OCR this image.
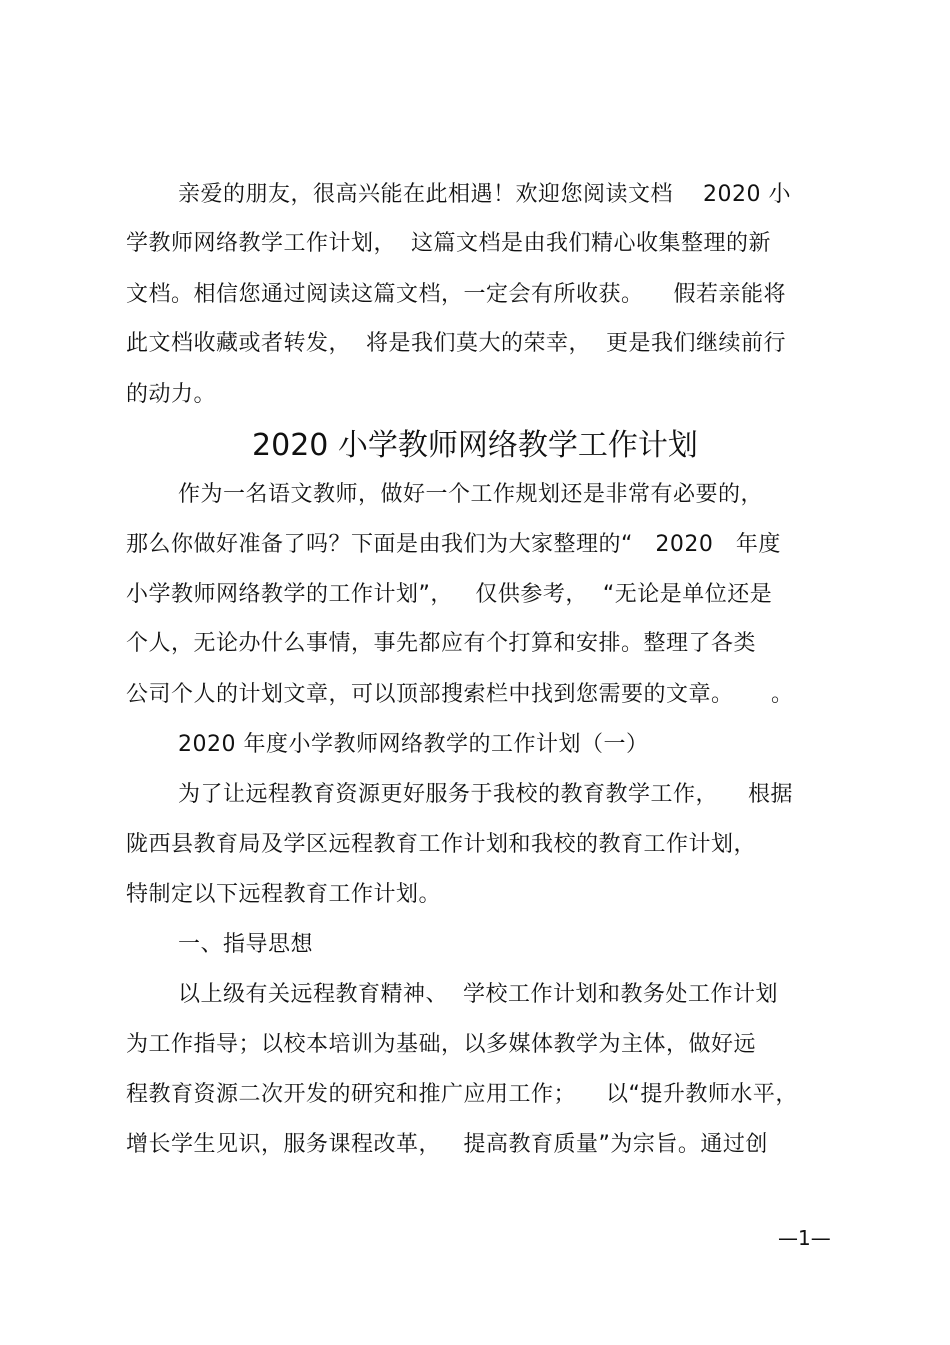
亲爱的朋友，很高兴能在此相遇！欢迎您阅读文档    2020 小
学教师网络教学工作计划，  这篇文档是由我们精心收集整理的新
文档。相信您通过阅读这篇文档，一定会有所收获。    假若亲能将
此文档收藏或者转发，  将是我们莫大的荣幸，  更是我们继续前行
的动力。
2020 小学教师网络教学工作计划
作为一名语文教师，做好一个工作规划还是非常有必要的，
那么你做好准备了吗？下面是由我们为大家整理的“   2020   年度
小学教师网络教学的工作计划”，   仅供参考，  “无论是单位还是
个人，无论办什么事情，事先都应有个打算和安排。整理了各类
公司个人的计划文章，可以顶部搜索栏中找到您需要的文章。     。
2020 年度小学教师网络教学的工作计划（一）
为了让远程教育资源更好服务于我校的教育教学工作，    根据
陇西县教育局及学区远程教育工作计划和我校的教育工作计划，
特制定以下远程教育工作计划。
一、指导思想
以上级有关远程教育精神、  学校工作计划和教务处工作计划
为工作指导；以校本培训为基础，以多媒体教学为主体，做好远
程教育资源二次开发的研究和推广应用工作；    以“提升教师水平，
增长学生见识，服务课程改革，   提高教育质量”为宗旨。通过创
—1—
